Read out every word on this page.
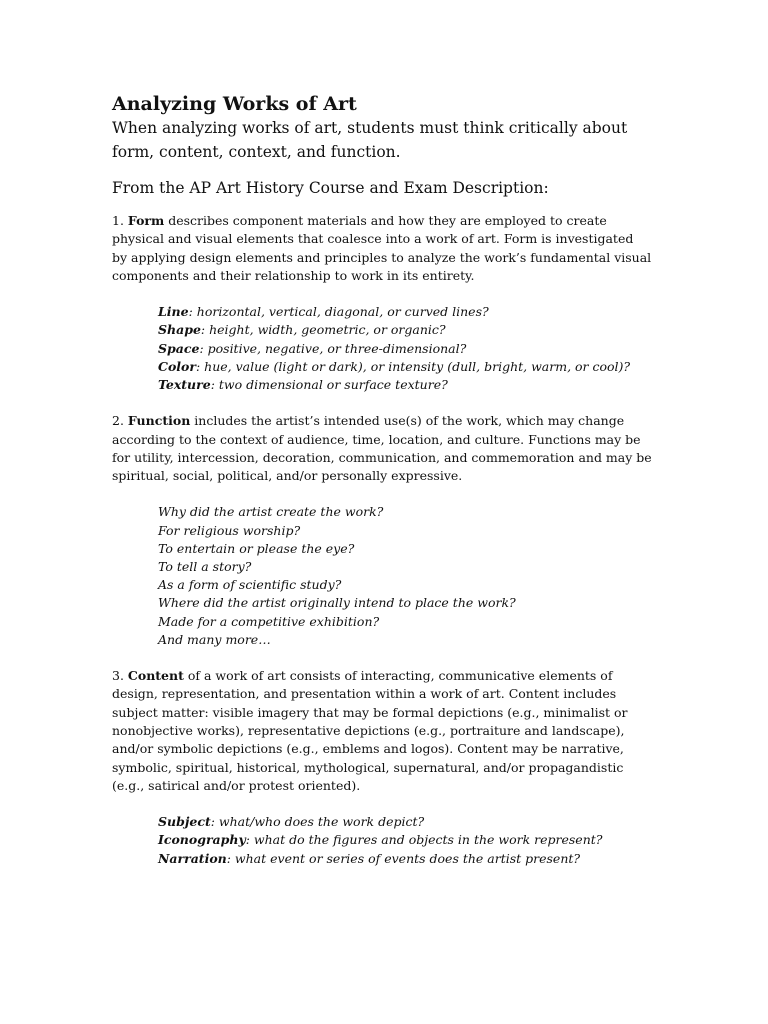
Analyzing Works of Art

When analyzing works of art, students must think critically about form, content, context, and function.

From the AP Art History Course and Exam Description:

1. Form describes component materials and how they are employed to create physical and visual elements that coalesce into a work of art. Form is investigated by applying design elements and principles to analyze the work’s fundamental visual components and their relationship to work in its entirety.

Line: horizontal, vertical, diagonal, or curved lines?
Shape: height, width, geometric, or organic?
Space: positive, negative, or three-dimensional?
Color: hue, value (light or dark), or intensity (dull, bright, warm, or cool)?
Texture: two dimensional or surface texture?

2. Function includes the artist’s intended use(s) of the work, which may change according to the context of audience, time, location, and culture. Functions may be for utility, intercession, decoration, communication, and commemoration and may be spiritual, social, political, and/or personally expressive.

Why did the artist create the work?
For religious worship?
To entertain or please the eye?
To tell a story?
As a form of scientific study?
Where did the artist originally intend to place the work?
Made for a competitive exhibition?
And many more…

3. Content of a work of art consists of interacting, communicative elements of design, representation, and presentation within a work of art. Content includes subject matter: visible imagery that may be formal depictions (e.g., minimalist or nonobjective works), representative depictions (e.g., portraiture and landscape), and/or symbolic depictions (e.g., emblems and logos). Content may be narrative, symbolic, spiritual, historical, mythological, supernatural, and/or propagandistic (e.g., satirical and/or protest oriented).

Subject: what/who does the work depict?
Iconography: what do the figures and objects in the work represent?
Narration: what event or series of events does the artist present?
